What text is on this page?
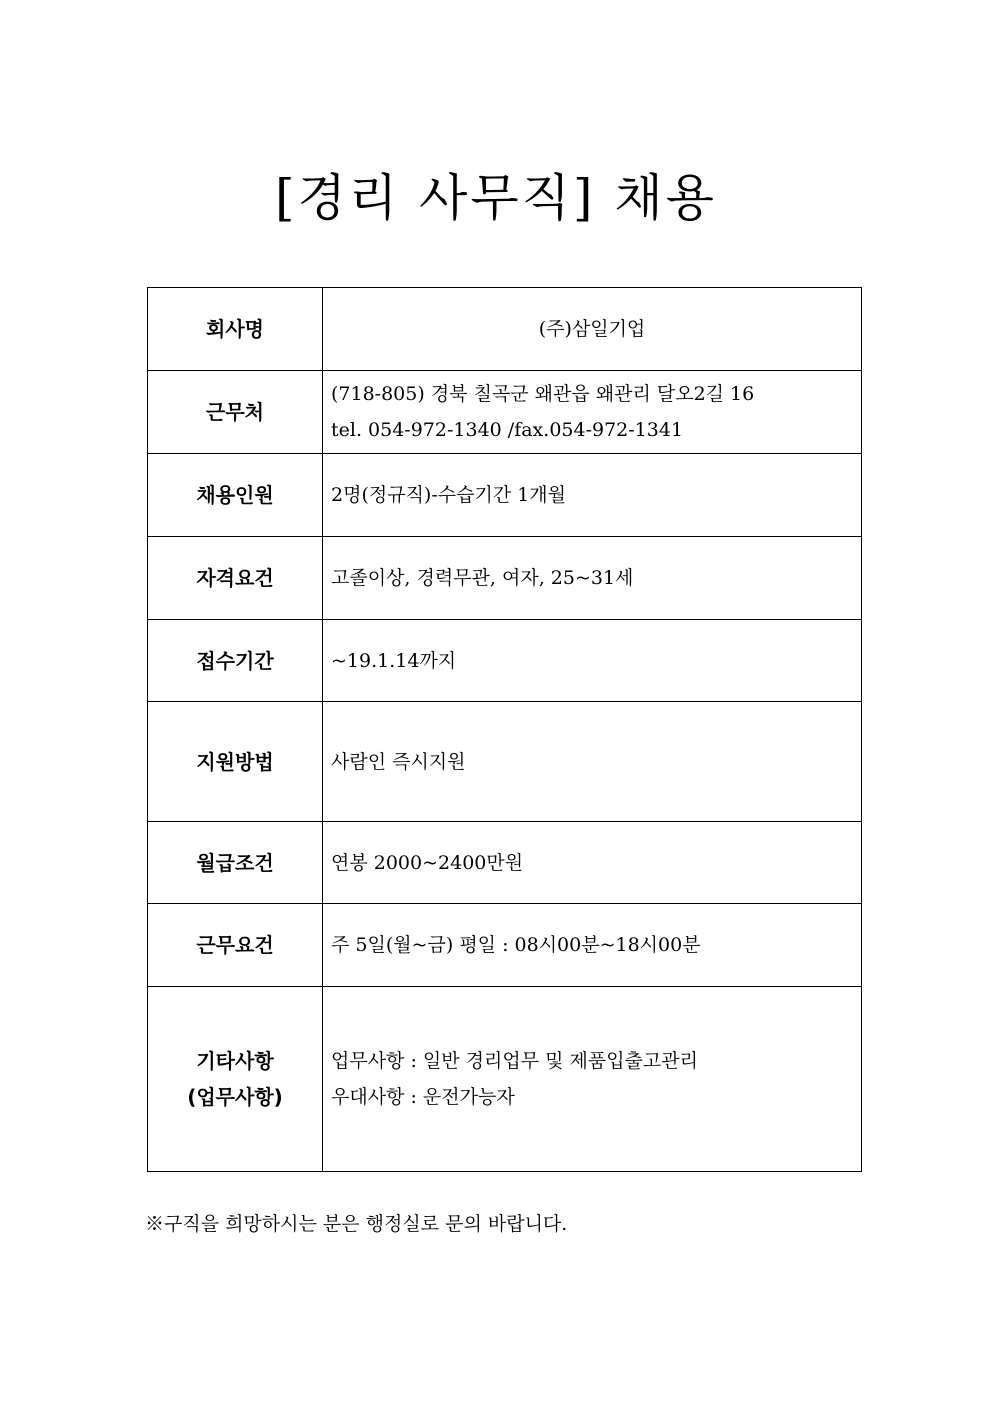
[경리 사무직] 채용
회사명	(주)삼일기업

근무처	(718-805) 경북 칠곡군 왜관읍 왜관리 달오2길 16
tel. 054-972-1340 /fax.054-972-1341

채용인원	2명(정규직)-수습기간 1개월

자격요건	고졸이상, 경력무관, 여자, 25~31세

접수기간	~19.1.14까지

지원방법	사람인 즉시지원

월급조건	연봉 2000~2400만원

근무요건	주 5일(월~금) 평일 : 08시00분~18시00분

기타사항
(업무사항)	업무사항 : 일반 경리업무 및 제품입출고관리
우대사항 : 운전가능자
※구직을 희망하시는 분은 행정실로 문의 바랍니다.
